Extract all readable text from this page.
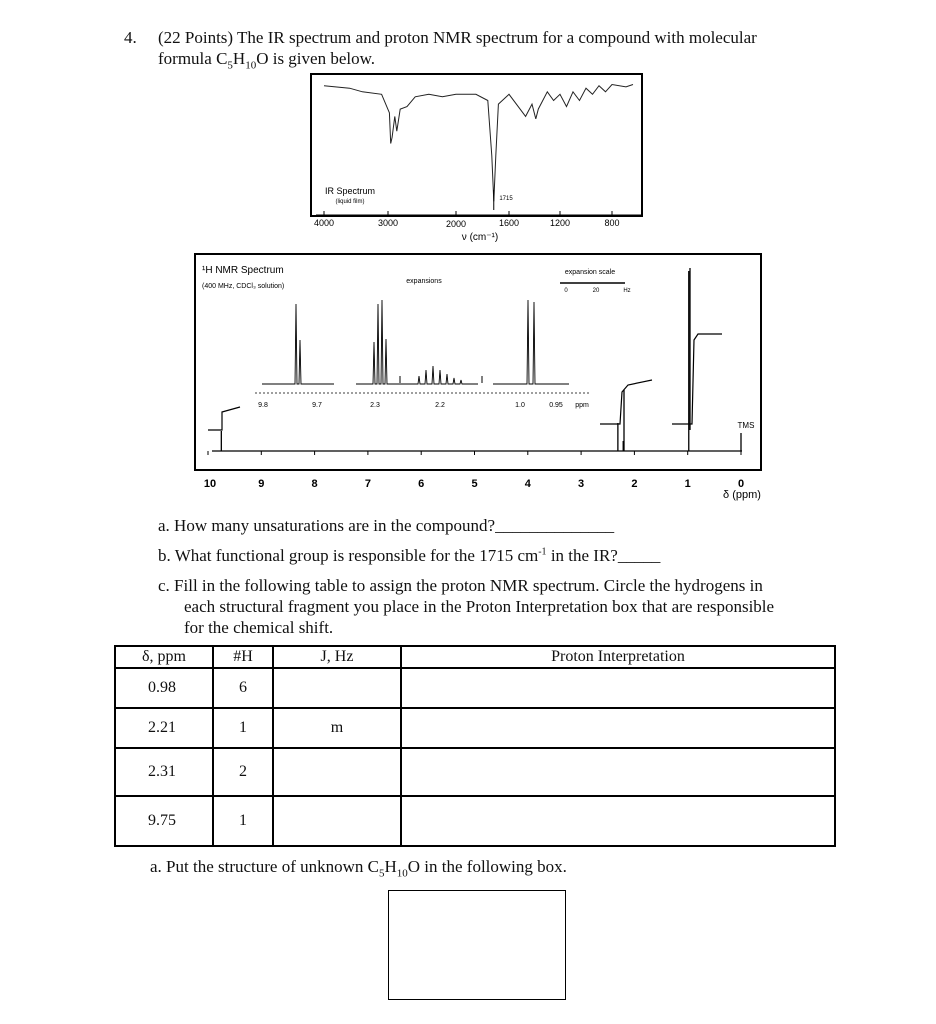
4. (22 Points) The IR spectrum and proton NMR spectrum for a compound with molecular
formula $C_5H_{10}O$ is given below.
4000	3000	2000	1600	1200	800
IR Spectrum
(liquid film)	1715
ν (cm⁻¹)
¹H NMR Spectrum
(400 MHz, CDCl₃ solution)
expansions
expansion scale
0	20	Hz
9.8	9.7	2.3	2.2	1.0	0.95 ppm
TMS
10	9	8	7	6	5	4	3	2	1	0
δ (ppm)
a. How many unsaturations are in the compound?______________
b. What functional group is responsible for the 1715 $cm^{-1}$ in the IR?_____
c. Fill in the following table to assign the proton NMR spectrum. Circle the hydrogens in
each structural fragment you place in the Proton Interpretation box that are responsible
for the chemical shift.
δ, ppm	#H	J, Hz	Proton Interpretation
0.98	6		
2.21	1	m	
2.31	2		
9.75	1		
a. Put the structure of unknown $C_5H_{10}O$ in the following box.
